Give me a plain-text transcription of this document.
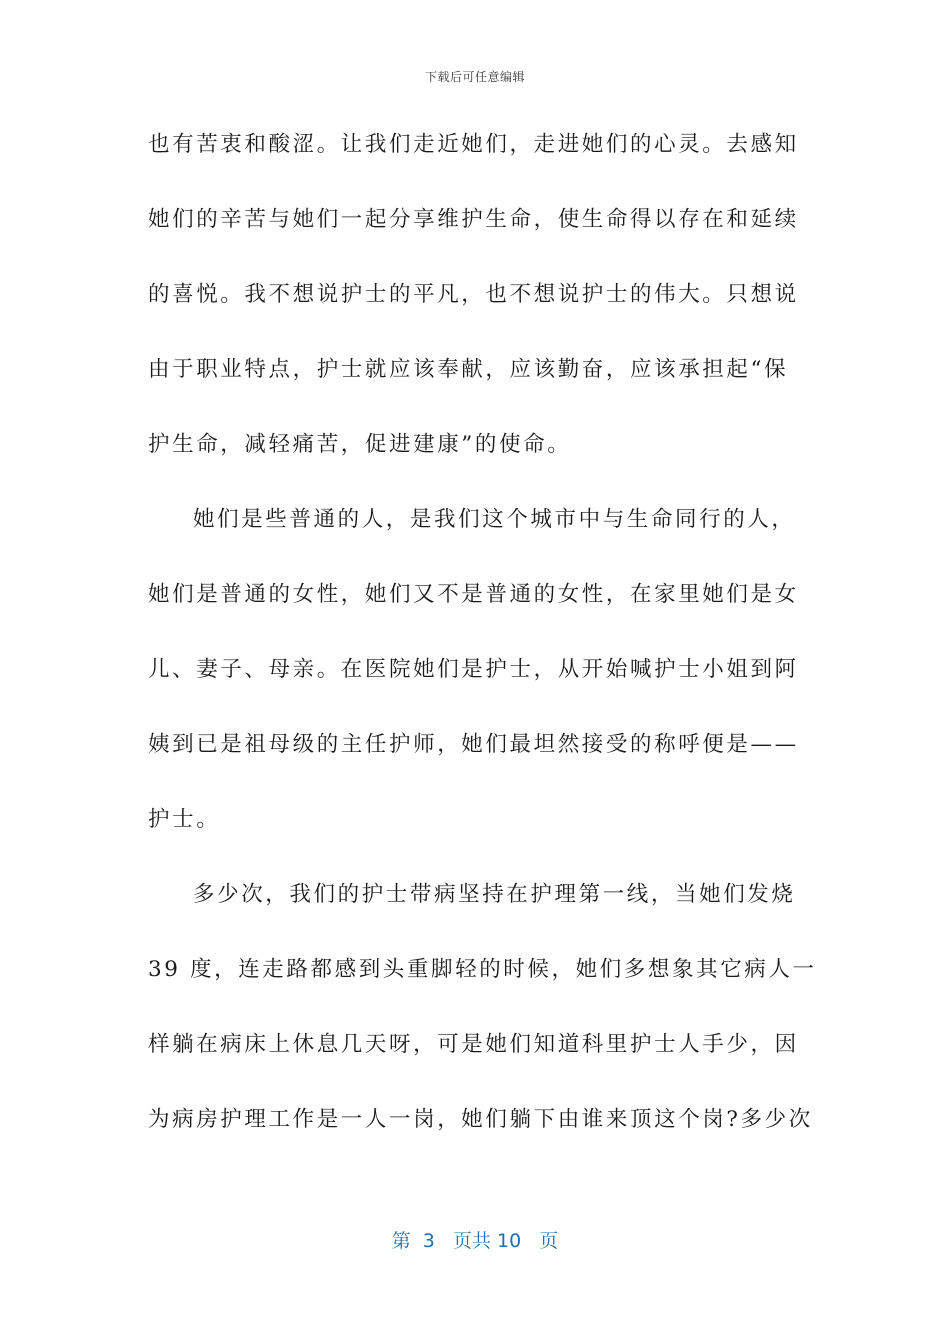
下载后可任意编辑
也有苦衷和酸涩。让我们走近她们，走进她们的心灵。去感知
她们的辛苦与她们一起分享维护生命，使生命得以存在和延续
的喜悦。我不想说护士的平凡，也不想说护士的伟大。只想说
由于职业特点，护士就应该奉献，应该勤奋，应该承担起“保
护生命，减轻痛苦，促进建康”的使命。
她们是些普通的人，是我们这个城市中与生命同行的人，
她们是普通的女性，她们又不是普通的女性，在家里她们是女
儿、妻子、母亲。在医院她们是护士，从开始喊护士小姐到阿
姨到已是祖母级的主任护师，她们最坦然接受的称呼便是——
护士。
多少次，我们的护士带病坚持在护理第一线，当她们发烧
39 度，连走路都感到头重脚轻的时候，她们多想象其它病人一
样躺在病床上休息几天呀，可是她们知道科里护士人手少，因
为病房护理工作是一人一岗，她们躺下由谁来顶这个岗?多少次
第  3   页共 10   页
